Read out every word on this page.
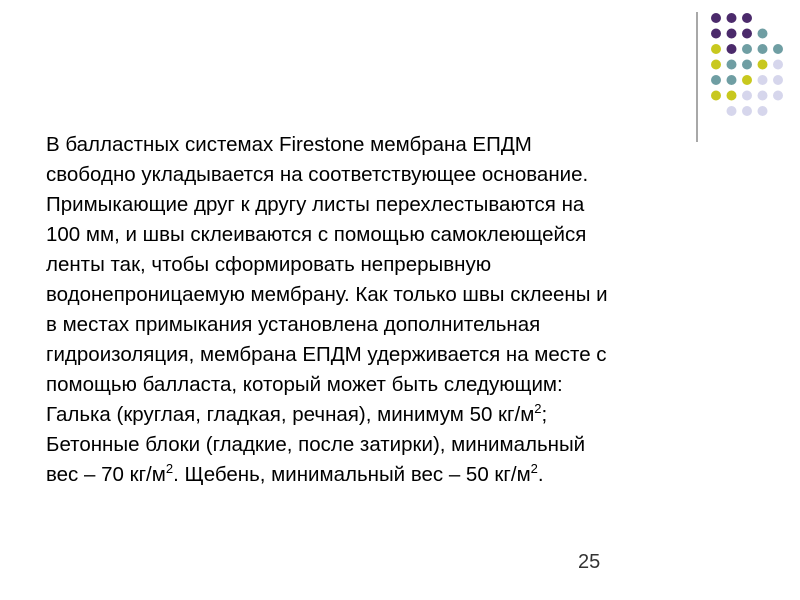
В балластных системах Firestone мембрана ЕПДМ

свободно укладывается на соответствующее основание.

Примыкающие друг к другу листы перехлестываются на

100 мм, и швы склеиваются с помощью самоклеющейся

ленты так, чтобы сформировать непрерывную

водонепроницаемую мембрану. Как только швы склеены и

в местах примыкания установлена дополнительная

гидроизоляция, мембрана ЕПДМ удерживается на месте с

помощью балласта, который может быть следующим:

Галька (круглая, гладкая, речная), минимум 50 $кг/м^2$;

Бетонные блоки (гладкие, после затирки), минимальный

вес – 70 $кг/м^2$. Щебень, минимальный вес – 50 $кг/м^2$.

25
